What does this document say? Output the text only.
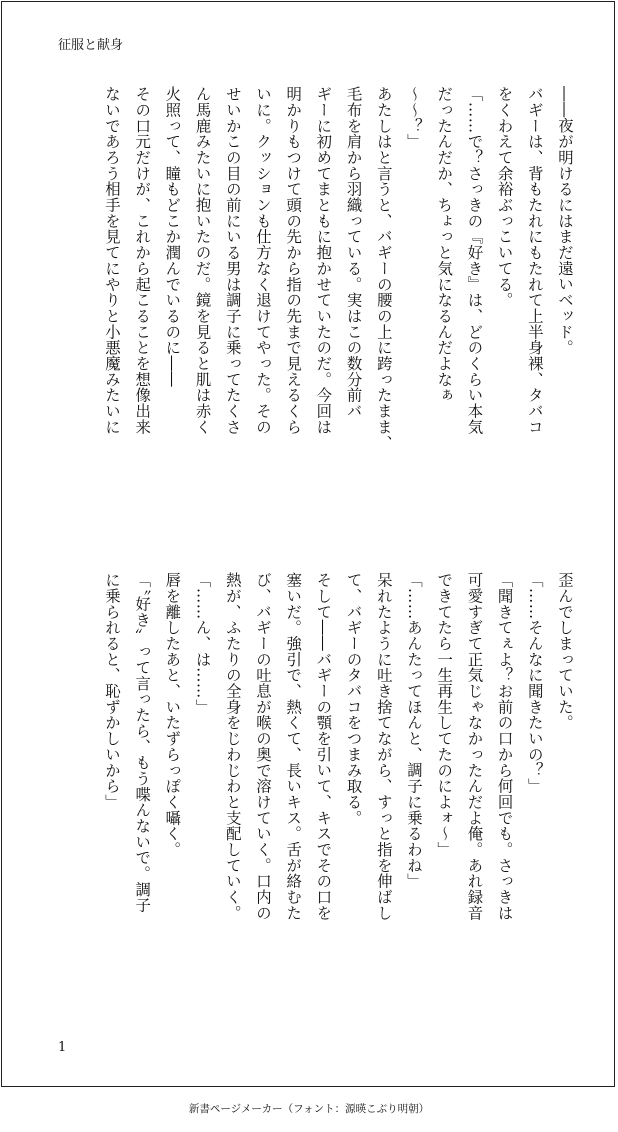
征服と献身
――夜が明けるにはまだ遠いベッド。
バギーは、背もたれにもたれて上半身裸、タバコ
をくわえて余裕ぶっこいてる。
「……で？さっきの『好き』は、どのくらい本気
だったんだか、ちょっと気になるんだよなぁ
〜〜？」
あたしはと言うと、バギーの腰の上に跨ったまま、
毛布を肩から羽織っている。実はこの数分前バ
ギーに初めてまともに抱かせていたのだ。今回は
明かりもつけて頭の先から指の先まで見えるくら
いに。クッションも仕方なく退けてやった。その
せいかこの目の前にいる男は調子に乗ってたくさ
ん馬鹿みたいに抱いたのだ。鏡を見ると肌は赤く
火照って、瞳もどこか潤んでいるのに――
その口元だけが、これから起こることを想像出来
ないであろう相手を見てにやりと小悪魔みたいに
歪んでしまっていた。
「……そんなに聞きたいの？」
「聞きてぇよ？お前の口から何回でも。さっきは
可愛すぎて正気じゃなかったんだよ俺。あれ録音
できてたら一生再生してたのによォ〜」
「……あんたってほんと、調子に乗るわね」
呆れたように吐き捨てながら、すっと指を伸ばし
て、バギーのタバコをつまみ取る。
そして――バギーの顎を引いて、キスでその口を
塞いだ。強引で、熱くて、長いキス。舌が絡むた
び、バギーの吐息が喉の奥で溶けていく。口内の
熱が、ふたりの全身をじわじわと支配していく。
「……ん、は……」
唇を離したあと、いたずらっぽく囁く。
「〝好き〟って言ったら、もう喋んないで。調子
に乗られると、恥ずかしいから」
1
新書ページメーカー（フォント：源暎こぶり明朝）
